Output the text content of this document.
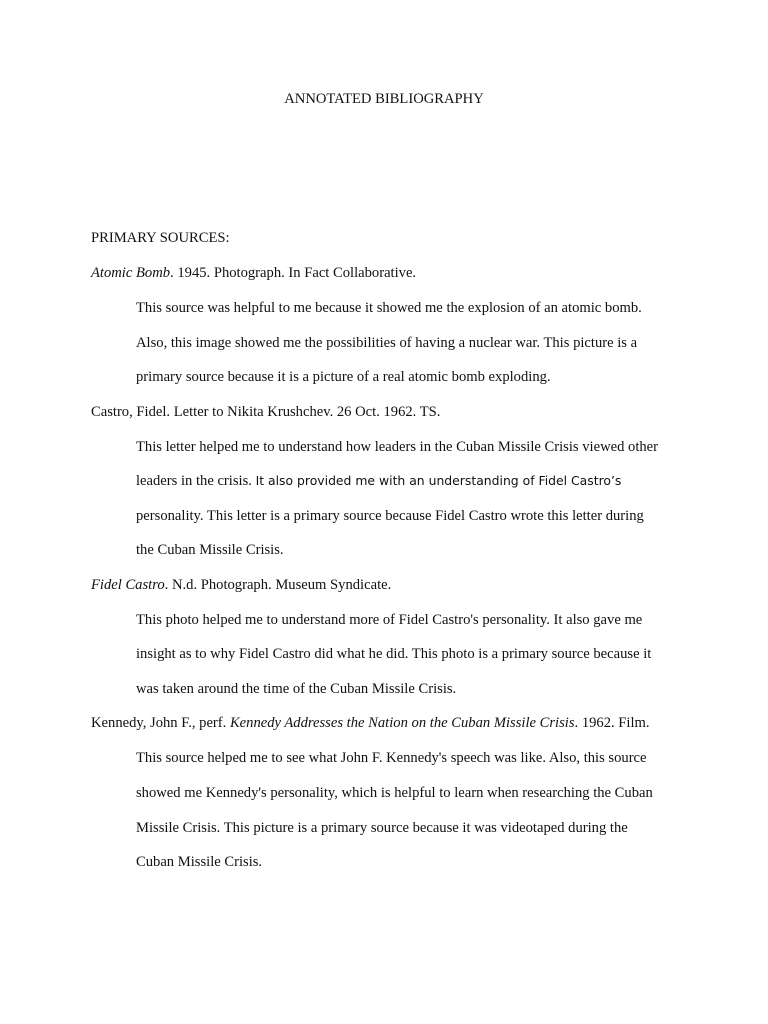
ANNOTATED BIBLIOGRAPHY
PRIMARY SOURCES:
Atomic Bomb. 1945. Photograph. In Fact Collaborative.
This source was helpful to me because it showed me the explosion of an atomic bomb.
Also, this image showed me the possibilities of having a nuclear war. This picture is a
primary source because it is a picture of a real atomic bomb exploding.
Castro, Fidel. Letter to Nikita Krushchev. 26 Oct. 1962. TS.
This letter helped me to understand how leaders in the Cuban Missile Crisis viewed other
leaders in the crisis. It also provided me with an understanding of Fidel Castro’s
personality. This letter is a primary source because Fidel Castro wrote this letter during
the Cuban Missile Crisis.
Fidel Castro. N.d. Photograph. Museum Syndicate.
This photo helped me to understand more of Fidel Castro's personality. It also gave me
insight as to why Fidel Castro did what he did. This photo is a primary source because it
was taken around the time of the Cuban Missile Crisis.
Kennedy, John F., perf. Kennedy Addresses the Nation on the Cuban Missile Crisis. 1962. Film.
This source helped me to see what John F. Kennedy's speech was like. Also, this source
showed me Kennedy's personality, which is helpful to learn when researching the Cuban
Missile Crisis. This picture is a primary source because it was videotaped during the
Cuban Missile Crisis.
